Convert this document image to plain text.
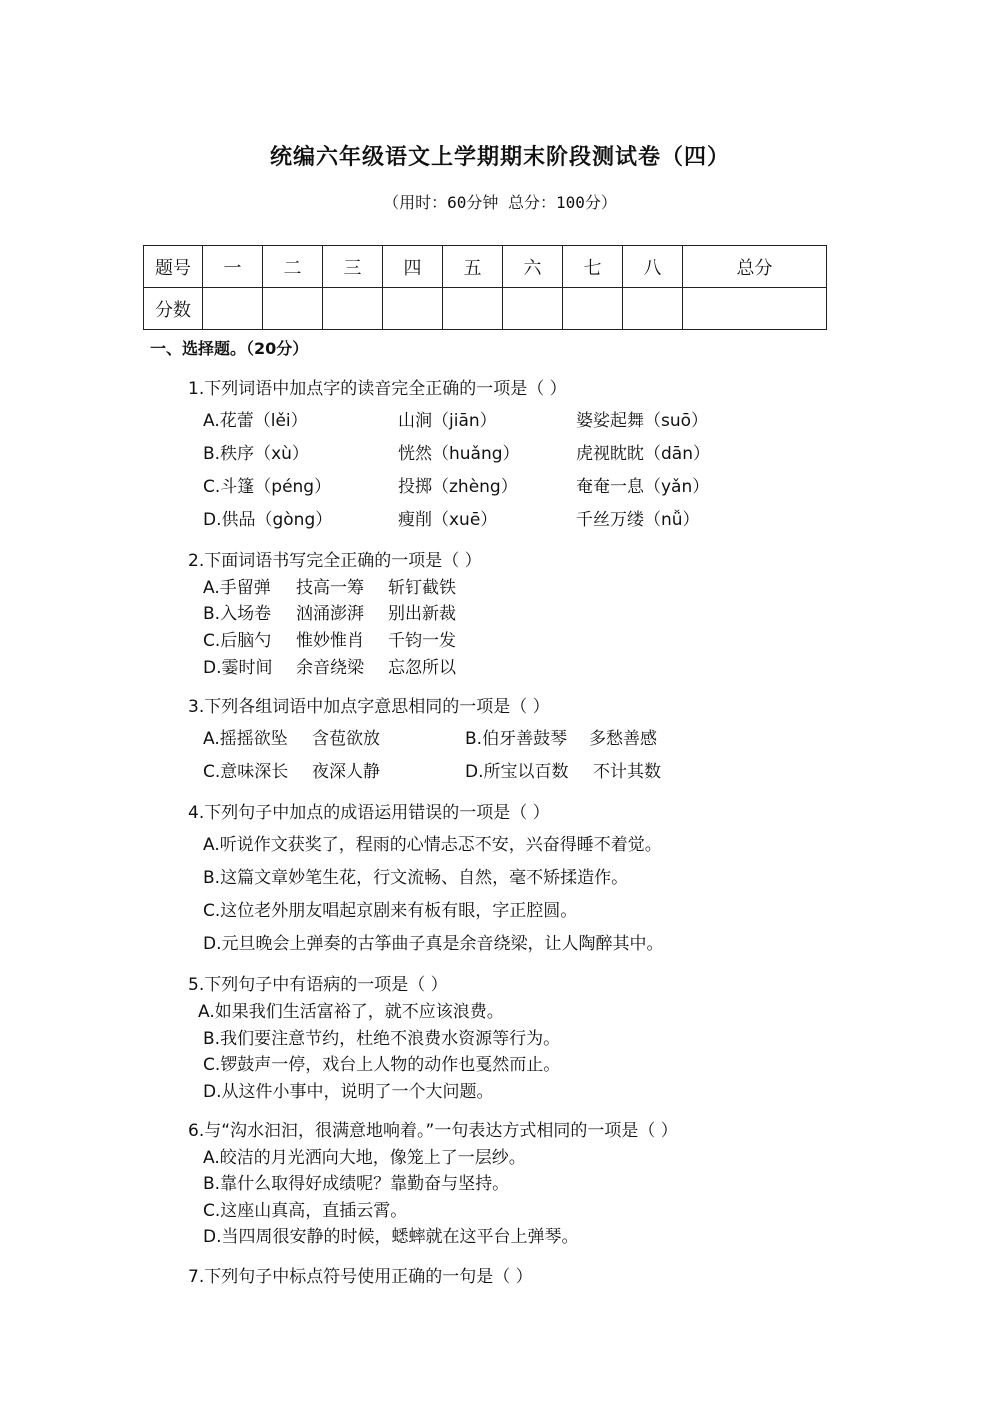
统编六年级语文上学期期末阶段测试卷（四）
（用时：60分钟 总分：100分）
题号	一	二	三	四	五	六	七	八	总分
分数									
一、选择题。（20分）
1.下列词语中加点字的读音完全正确的一项是（ ）
A.花蕾（lěi）	山涧（jiān）	婆娑起舞（suō）
B.秩序（xù）	恍然（huǎng）	虎视眈眈（dān）
C.斗篷（péng）	投掷（zhèng）	奄奄一息（yǎn）
D.供品（gòng）	瘦削（xuē）	千丝万缕（nǚ）
2.下面词语书写完全正确的一项是（ ）
A.手留弹 技高一筹 斩钉截铁
B.入场卷 汹涌澎湃 别出新裁
C.后脑勺 惟妙惟肖 千钧一发
D.霎时间 余音绕梁 忘忽所以
3.下列各组词语中加点字意思相同的一项是（ ）
A.摇摇欲坠 含苞欲放	B.伯牙善鼓琴 多愁善感
C.意味深长 夜深人静	D.所宝以百数 不计其数
4.下列句子中加点的成语运用错误的一项是（ ）
A.听说作文获奖了，程雨的心情忐忑不安，兴奋得睡不着觉。
B.这篇文章妙笔生花，行文流畅、自然，毫不矫揉造作。
C.这位老外朋友唱起京剧来有板有眼，字正腔圆。
D.元旦晚会上弹奏的古筝曲子真是余音绕梁，让人陶醉其中。
5.下列句子中有语病的一项是（ ）
A.如果我们生活富裕了，就不应该浪费。
B.我们要注意节约，杜绝不浪费水资源等行为。
C.锣鼓声一停，戏台上人物的动作也戛然而止。
D.从这件小事中，说明了一个大问题。
6.与“沟水汩汩，很满意地响着。”一句表达方式相同的一项是（ ）
A.皎洁的月光洒向大地，像笼上了一层纱。
B.靠什么取得好成绩呢？靠勤奋与坚持。
C.这座山真高，直插云霄。
D.当四周很安静的时候，蟋蟀就在这平台上弹琴。
7.下列句子中标点符号使用正确的一句是（ ）
